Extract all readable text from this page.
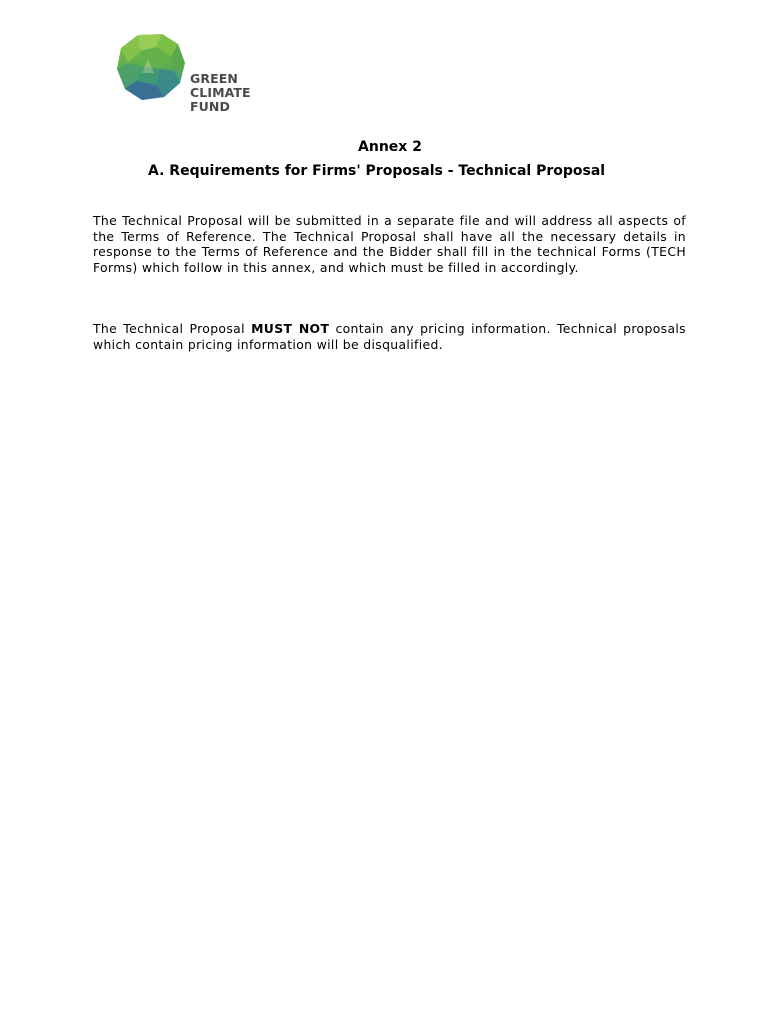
GREEN
CLIMATE
FUND
Annex 2
A. Requirements for Firms' Proposals - Technical Proposal
The Technical Proposal will be submitted in a separate file and will address all aspects of the Terms of Reference. The Technical Proposal shall have all the necessary details in response to the Terms of Reference and the Bidder shall fill in the technical Forms (TECH Forms) which follow in this annex, and which must be filled in accordingly.
The Technical Proposal MUST NOT contain any pricing information. Technical proposals which contain pricing information will be disqualified.
